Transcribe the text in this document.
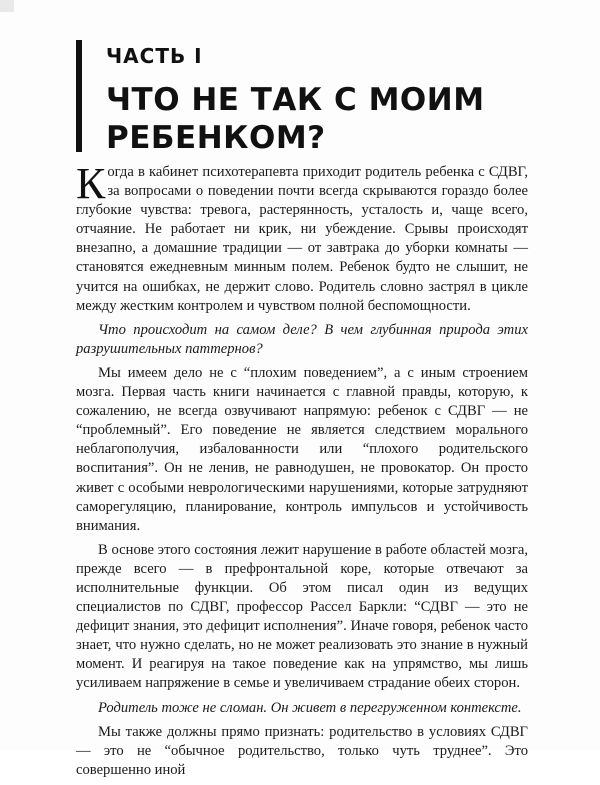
ЧАСТЬ I
ЧТО НЕ ТАК С МОИМ
РЕБЕНКОМ?

Когда в кабинет психотерапевта приходит родитель ребенка с СДВГ, за вопросами о поведении почти всегда скрываются гораздо более глубокие чувства: тревога, растерянность, усталость и, чаще всего, отчаяние. Не работает ни крик, ни убеждение. Срывы происходят внезапно, а домашние традиции — от завтрака до уборки комнаты — становятся ежедневным минным полем. Ребенок будто не слышит, не учится на ошибках, не держит слово. Родитель словно застрял в цикле между жестким контролем и чувством полной беспомощности.

Что происходит на самом деле? В чем глубинная природа этих разрушительных паттернов?

Мы имеем дело не с “плохим поведением”, а с иным строением мозга. Первая часть книги начинается с главной правды, которую, к сожалению, не всегда озвучивают напрямую: ребенок с СДВГ — не “проблемный”. Его поведение не является следствием морального неблагополучия, избалованности или “плохого родительского воспитания”. Он не ленив, не равнодушен, не провокатор. Он просто живет с особыми неврологическими нарушениями, которые затрудняют саморегуляцию, планирование, контроль импульсов и устойчивость внимания.

В основе этого состояния лежит нарушение в работе областей мозга, прежде всего — в префронтальной коре, которые отвечают за исполнительные функции. Об этом писал один из ведущих специалистов по СДВГ, профессор Рассел Баркли: “СДВГ — это не дефицит знания, это дефицит исполнения”. Иначе говоря, ребенок часто знает, что нужно сделать, но не может реализовать это знание в нужный момент. И реагируя на такое поведение как на упрямство, мы лишь усиливаем напряжение в семье и увеличиваем страдание обеих сторон.

Родитель тоже не сломан. Он живет в перегруженном контексте.

Мы также должны прямо признать: родительство в условиях СДВГ — это не “обычное родительство, только чуть труднее”. Это совершенно иной
